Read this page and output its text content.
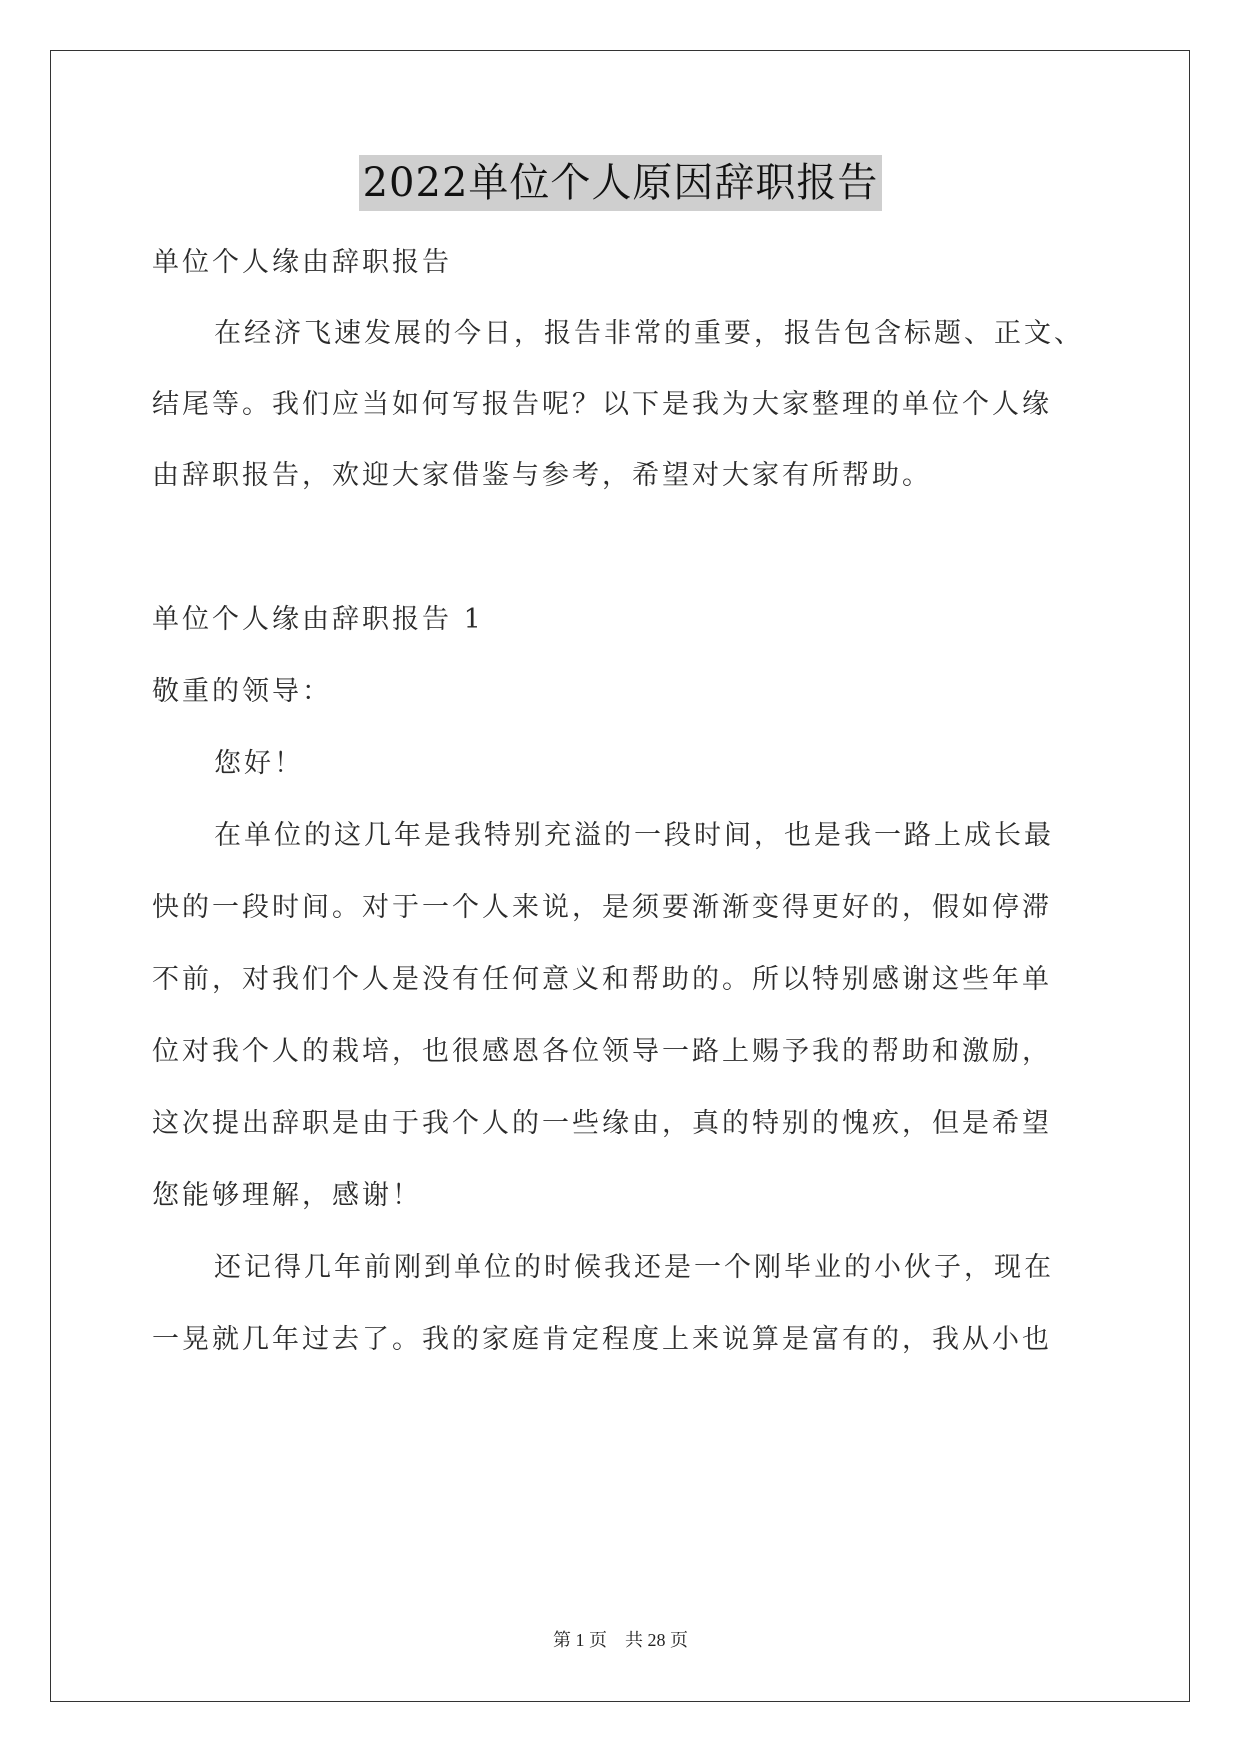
2022单位个人原因辞职报告
单位个人缘由辞职报告
在经济飞速发展的今日，报告非常的重要，报告包含标题、正文、
结尾等。我们应当如何写报告呢？以下是我为大家整理的单位个人缘
由辞职报告，欢迎大家借鉴与参考，希望对大家有所帮助。
单位个人缘由辞职报告 1
敬重的领导：
您好！
在单位的这几年是我特别充溢的一段时间，也是我一路上成长最
快的一段时间。对于一个人来说，是须要渐渐变得更好的，假如停滞
不前，对我们个人是没有任何意义和帮助的。所以特别感谢这些年单
位对我个人的栽培，也很感恩各位领导一路上赐予我的帮助和激励，
这次提出辞职是由于我个人的一些缘由，真的特别的愧疚，但是希望
您能够理解，感谢！
还记得几年前刚到单位的时候我还是一个刚毕业的小伙子，现在
一晃就几年过去了。我的家庭肯定程度上来说算是富有的，我从小也
第 1 页 共 28 页
